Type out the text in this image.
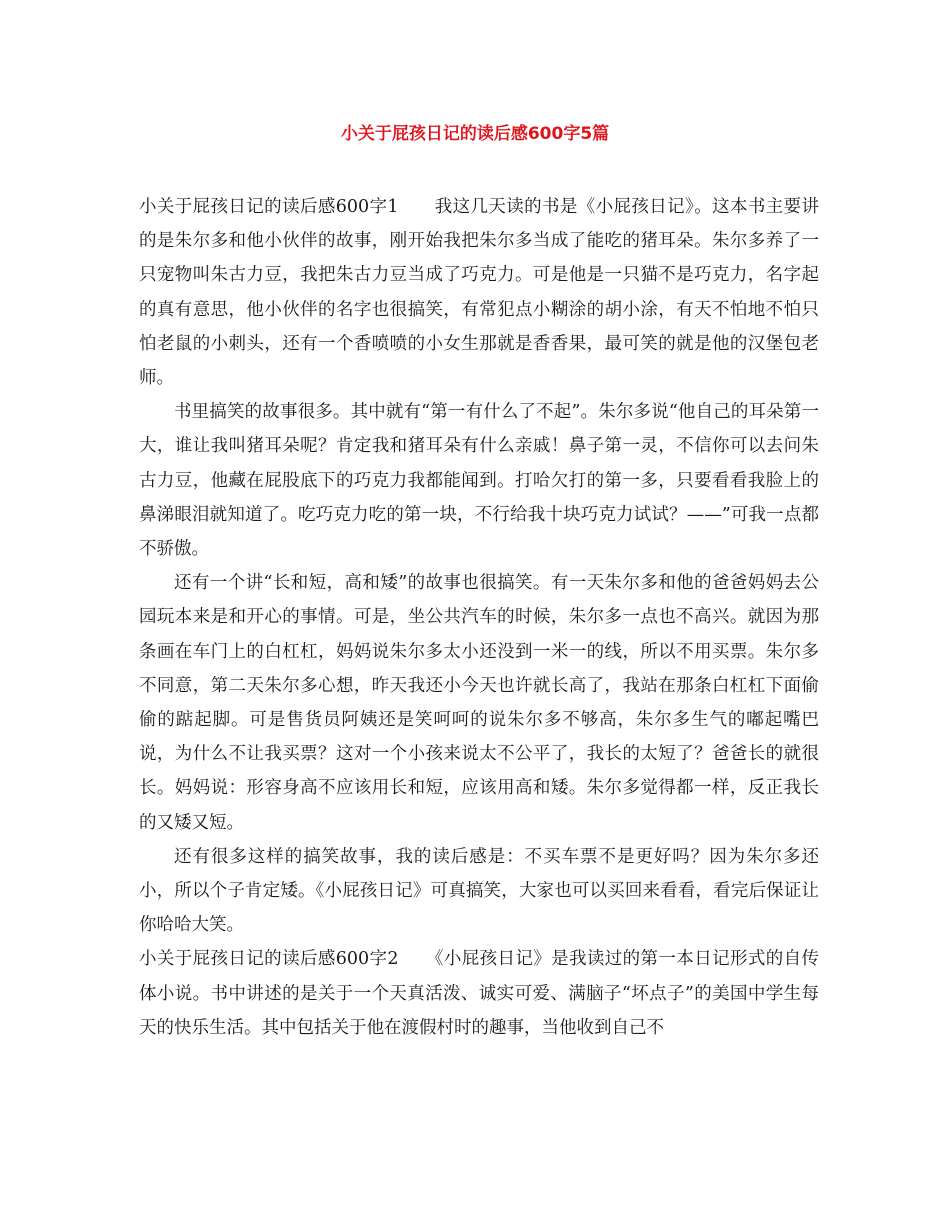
小关于屁孩日记的读后感600字5篇

小关于屁孩日记的读后感600字1　　 我这几天读的书是《小屁孩日记》。这本书主要讲的是朱尔多和他小伙伴的故事，刚开始我把朱尔多当成了能吃的猪耳朵。朱尔多养了一只宠物叫朱古力豆，我把朱古力豆当成了巧克力。可是他是一只猫不是巧克力，名字起的真有意思，他小伙伴的名字也很搞笑，有常犯点小糊涂的胡小涂，有天不怕地不怕只怕老鼠的小刺头，还有一个香喷喷的小女生那就是香香果，最可笑的就是他的汉堡包老师。

书里搞笑的故事很多。其中就有“第一有什么了不起”。朱尔多说“他自己的耳朵第一大，谁让我叫猪耳朵呢？肯定我和猪耳朵有什么亲戚！鼻子第一灵，不信你可以去问朱古力豆，他藏在屁股底下的巧克力我都能闻到。打哈欠打的第一多，只要看看我脸上的鼻涕眼泪就知道了。吃巧克力吃的第一块，不行给我十块巧克力试试？——”可我一点都不骄傲。

还有一个讲“长和短，高和矮”的故事也很搞笑。有一天朱尔多和他的爸爸妈妈去公园玩本来是和开心的事情。可是，坐公共汽车的时候，朱尔多一点也不高兴。就因为那条画在车门上的白杠杠，妈妈说朱尔多太小还没到一米一的线，所以不用买票。朱尔多不同意，第二天朱尔多心想，昨天我还小今天也许就长高了，我站在那条白杠杠下面偷偷的踮起脚。可是售货员阿姨还是笑呵呵的说朱尔多不够高，朱尔多生气的嘟起嘴巴说，为什么不让我买票？这对一个小孩来说太不公平了，我长的太短了？爸爸长的就很长。妈妈说：形容身高不应该用长和短，应该用高和矮。朱尔多觉得都一样，反正我长的又矮又短。

还有很多这样的搞笑故事，我的读后感是：不买车票不是更好吗？因为朱尔多还小，所以个子肯定矮。《小屁孩日记》可真搞笑，大家也可以买回来看看，看完后保证让你哈哈大笑。

小关于屁孩日记的读后感600字2　　 《小屁孩日记》是我读过的第一本日记形式的自传体小说。书中讲述的是关于一个天真活泼、诚实可爱、满脑子“坏点子”的美国中学生每天的快乐生活。其中包括关于他在渡假村时的趣事，当他收到自己不
